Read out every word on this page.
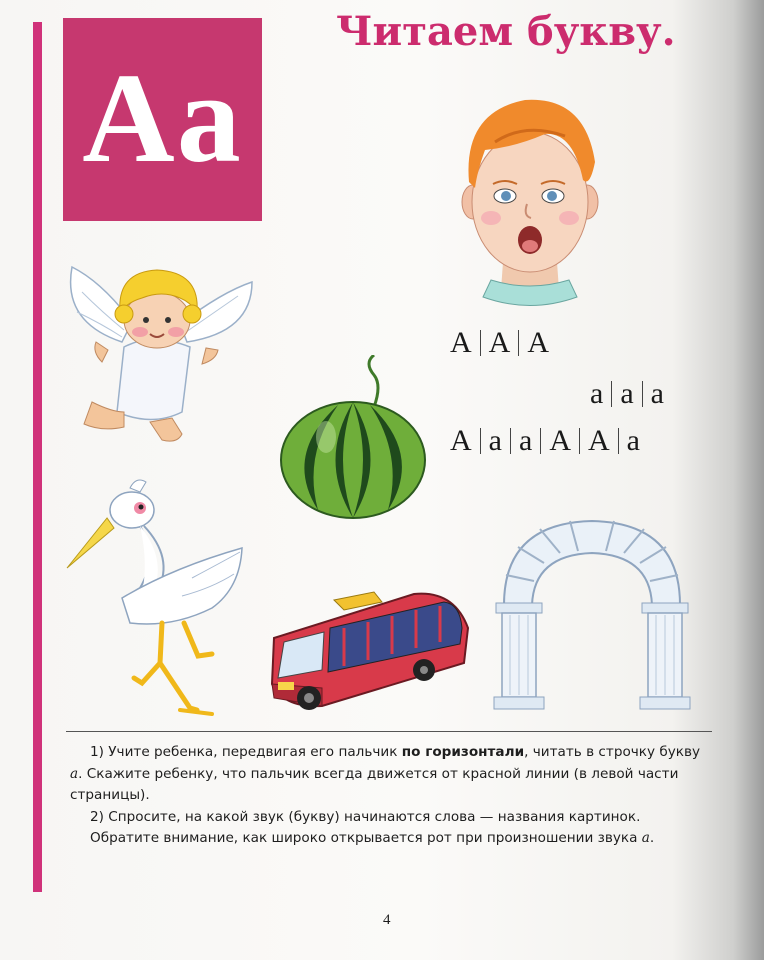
Aa
Читаем букву.
А А А
а а а
А а а А А а

1) Учите ребенка, передвигая его пальчик по горизонтали, читать в строчку букву а. Скажите ребенку, что пальчик всегда движется от красной линии (в левой части страницы).

2) Спросите, на какой звук (букву) начинаются слова — названия картинок.

Обратите внимание, как широко открывается рот при произношении звука а.

4
